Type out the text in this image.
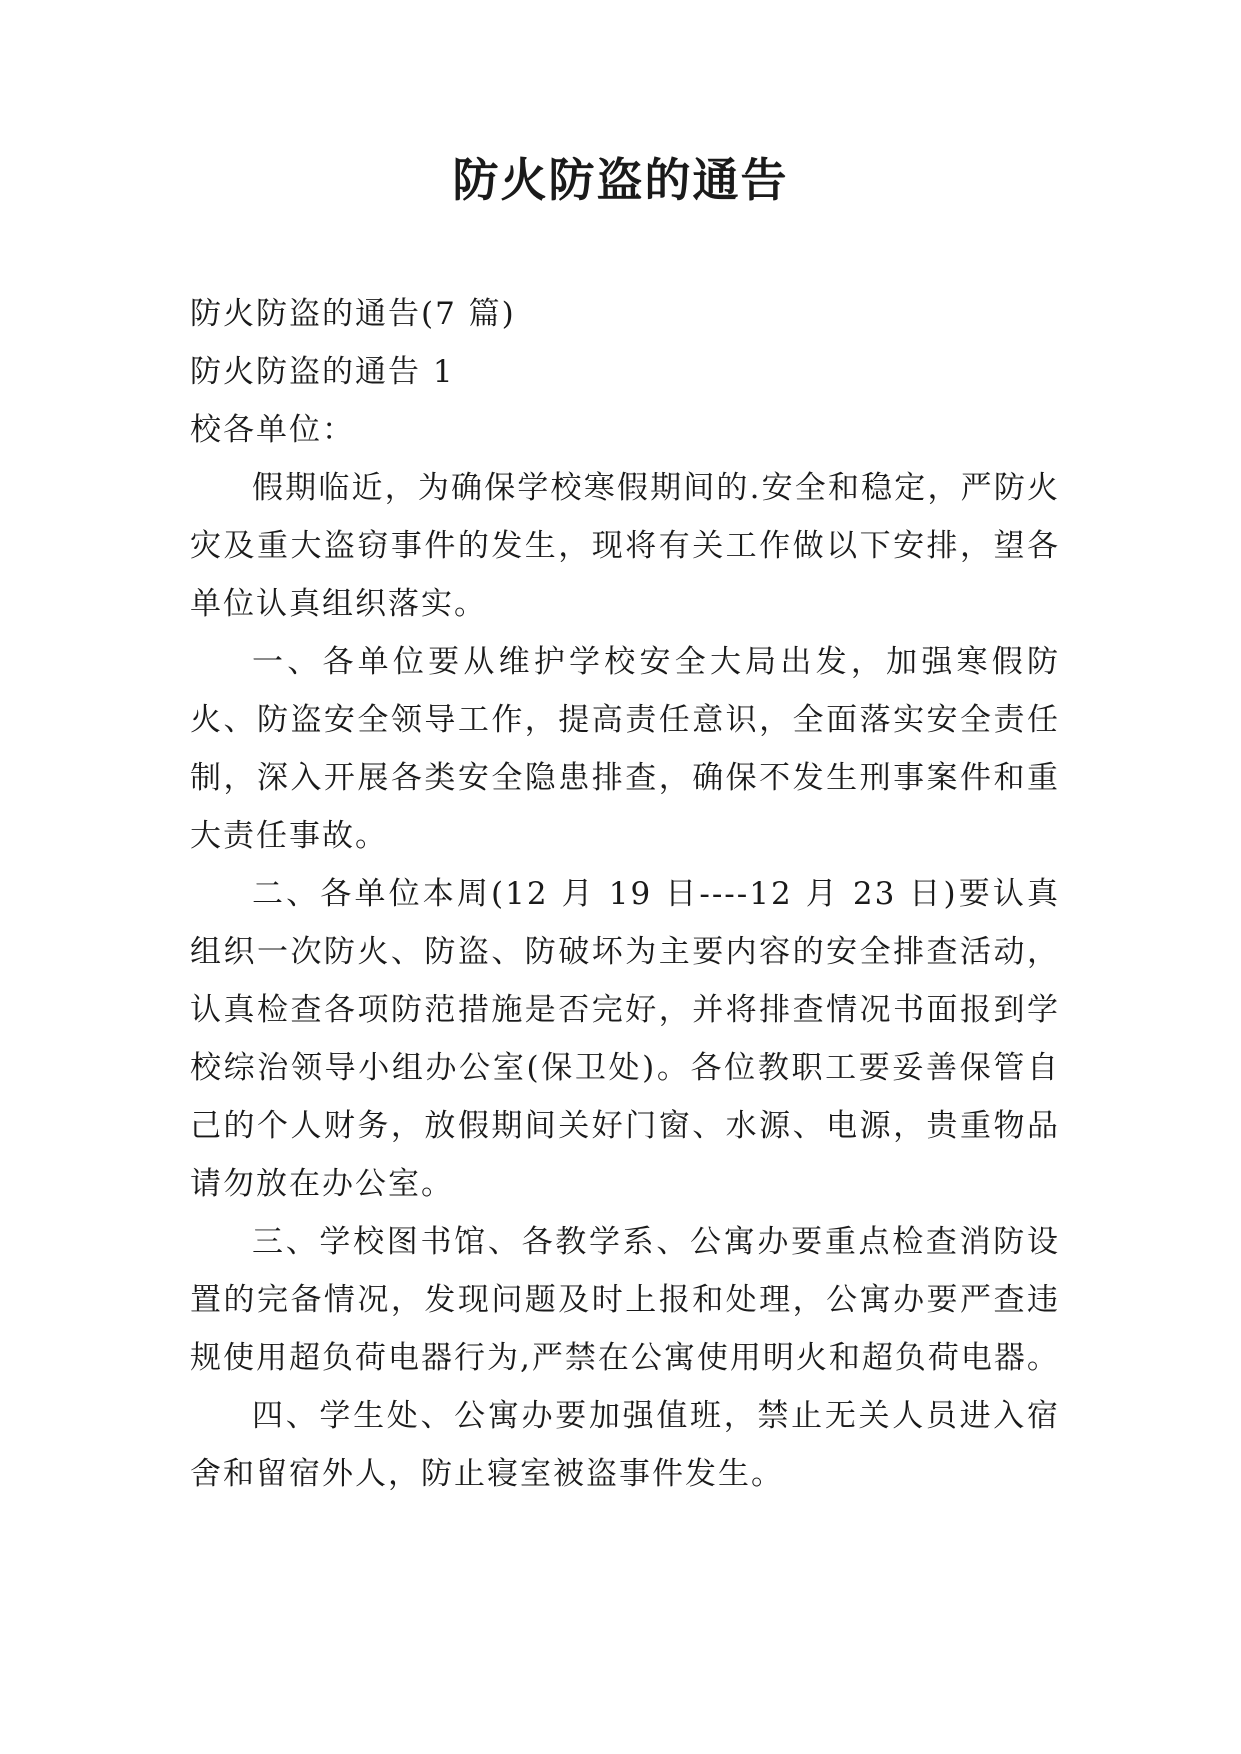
防火防盗的通告

防火防盗的通告(7 篇)

防火防盗的通告 1

校各单位：

假期临近，为确保学校寒假期间的.安全和稳定，严防火灾及重大盗窃事件的发生，现将有关工作做以下安排，望各单位认真组织落实。

一、各单位要从维护学校安全大局出发，加强寒假防火、防盗安全领导工作，提高责任意识，全面落实安全责任制，深入开展各类安全隐患排查，确保不发生刑事案件和重大责任事故。

二、各单位本周(12 月 19 日----12 月 23 日)要认真组织一次防火、防盗、防破坏为主要内容的安全排查活动，认真检查各项防范措施是否完好，并将排查情况书面报到学校综治领导小组办公室(保卫处)。各位教职工要妥善保管自己的个人财务，放假期间关好门窗、水源、电源，贵重物品请勿放在办公室。

三、学校图书馆、各教学系、公寓办要重点检查消防设置的完备情况，发现问题及时上报和处理，公寓办要严查违规使用超负荷电器行为,严禁在公寓使用明火和超负荷电器。

四、学生处、公寓办要加强值班，禁止无关人员进入宿舍和留宿外人，防止寝室被盗事件发生。
